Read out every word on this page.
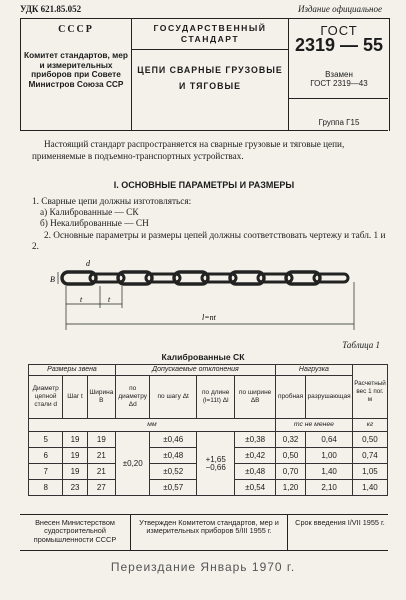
УДК 621.85.052	Издание официальное
СССР
Комитет стандартов, мер и измерительных приборов при Совете Министров Союза ССР
ГОСУДАРСТВЕННЫЙ СТАНДАРТ
ЦЕПИ СВАРНЫЕ ГРУЗОВЫЕ И ТЯГОВЫЕ
ГОСТ
2319 — 55
Взамен
ГОСТ 2319—43
Группа Г15
Настоящий стандарт распространяется на сварные грузовые и тяговые цепи, применяемые в подъемно-транспортных устройствах.
I. ОСНОВНЫЕ ПАРАМЕТРЫ И РАЗМЕРЫ
1. Сварные цепи должны изготовляться:
а) Калиброванные — СК
б) Некалиброванные — СН
2. Основные параметры и размеры цепей должны соответствовать чертежу и табл. 1 и 2.
B
d
t	t
l=nt
Таблица 1
Калиброванные СК
Размеры звена			Допускаемые отклонения				Нагрузка		Расчетный вес 1 пог. м
Диаметр цепной стали d	Шаг t	Ширина B	по диаметру Δd	по шагу Δt	по длине (l=11t) Δl	по ширине ΔB	пробная	разрушающая	
мм							тс не менее		кг
5	19	19	±0,20	±0,46	+1,65 −0,66	±0,38	0,32	0,64	0,50
6	19	21		±0,48		±0,42	0,50	1,00	0,74
7	19	21		±0,52		±0,48	0,70	1,40	1,05
8	23	27		±0,57		±0,54	1,20	2,10	1,40
Внесен Министерством судостроительной промышленности СССР
Утвержден Комитетом стандартов, мер и измерительных приборов 5/III 1955 г.
Срок введения I/VII 1955 г.
Переиздание Январь 1970 г.
